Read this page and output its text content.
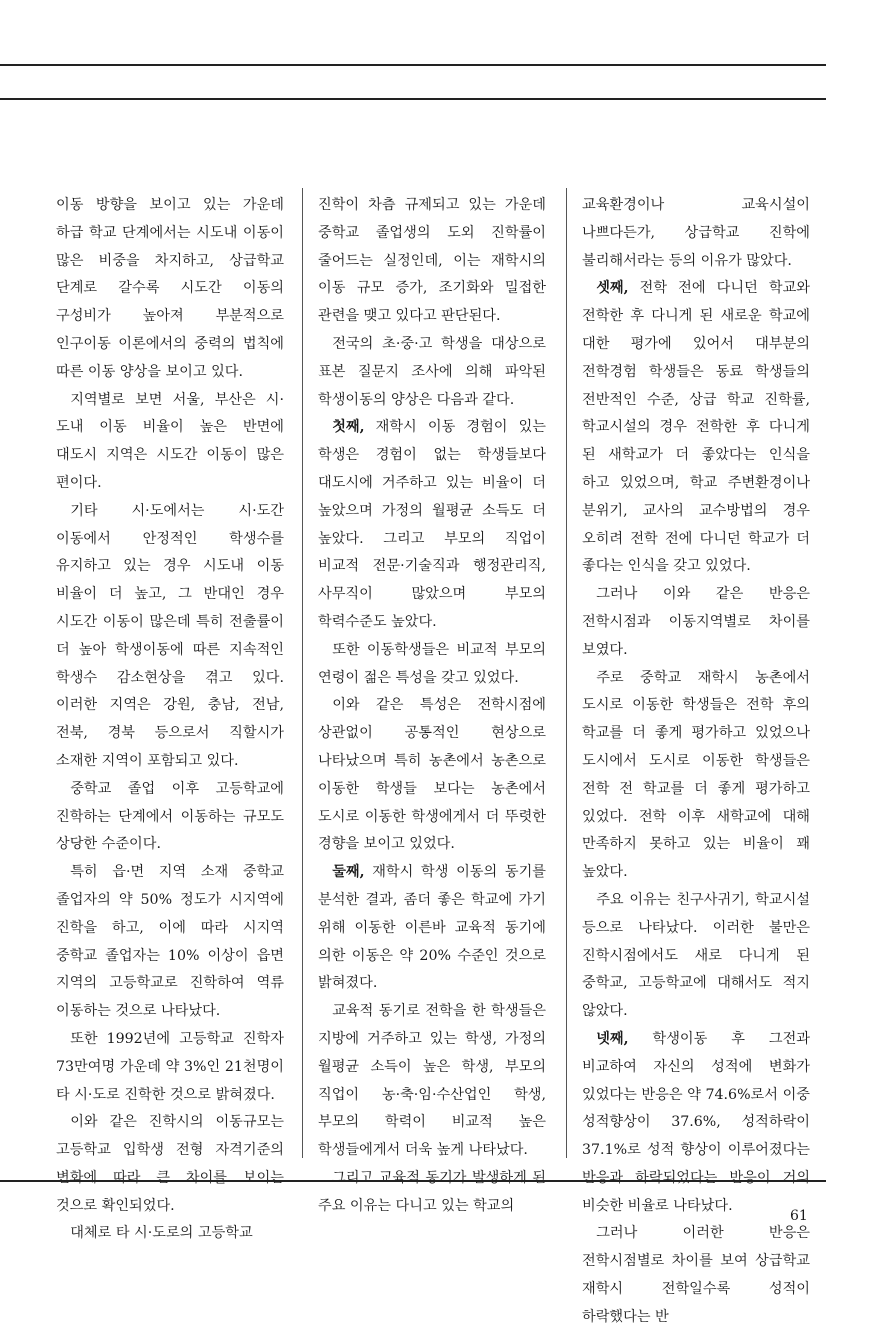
이동 방향을 보이고 있는 가운데 하급 학교 단계에서는 시도내 이동이 많은 비중을 차지하고, 상급학교 단계로 갈수록 시도간 이동의 구성비가 높아져 부분적으로 인구이동 이론에서의 중력의 법칙에 따른 이동 양상을 보이고 있다.

지역별로 보면 서울, 부산은 시·도내 이동 비율이 높은 반면에 대도시 지역은 시도간 이동이 많은 편이다.

기타 시·도에서는 시·도간 이동에서 안정적인 학생수를 유지하고 있는 경우 시도내 이동 비율이 더 높고, 그 반대인 경우 시도간 이동이 많은데 특히 전출률이 더 높아 학생이동에 따른 지속적인 학생수 감소현상을 겪고 있다. 이러한 지역은 강원, 충남, 전남, 전북, 경북 등으로서 직할시가 소재한 지역이 포함되고 있다.

중학교 졸업 이후 고등학교에 진학하는 단계에서 이동하는 규모도 상당한 수준이다.

특히 읍·면 지역 소재 중학교 졸업자의 약 50% 정도가 시지역에 진학을 하고, 이에 따라 시지역 중학교 졸업자는 10% 이상이 읍면 지역의 고등학교로 진학하여 역류 이동하는 것으로 나타났다.

또한 1992년에 고등학교 진학자 73만여명 가운데 약 3%인 21천명이 타 시·도로 진학한 것으로 밝혀졌다.

이와 같은 진학시의 이동규모는 고등학교 입학생 전형 자격기준의 변화에 따라 큰 차이를 보이는 것으로 확인되었다.

대체로 타 시·도로의 고등학교

진학이 차츰 규제되고 있는 가운데 중학교 졸업생의 도외 진학률이 줄어드는 실정인데, 이는 재학시의 이동 규모 증가, 조기화와 밀접한 관련을 맺고 있다고 판단된다.

전국의 초·중·고 학생을 대상으로 표본 질문지 조사에 의해 파악된 학생이동의 양상은 다음과 같다.

첫째, 재학시 이동 경험이 있는 학생은 경험이 없는 학생들보다 대도시에 거주하고 있는 비율이 더 높았으며 가정의 월평균 소득도 더 높았다. 그리고 부모의 직업이 비교적 전문·기술직과 행정관리직, 사무직이 많았으며 부모의 학력수준도 높았다.

또한 이동학생들은 비교적 부모의 연령이 젊은 특성을 갖고 있었다.

이와 같은 특성은 전학시점에 상관없이 공통적인 현상으로 나타났으며 특히 농촌에서 농촌으로 이동한 학생들 보다는 농촌에서 도시로 이동한 학생에게서 더 뚜렷한 경향을 보이고 있었다.

둘째, 재학시 학생 이동의 동기를 분석한 결과, 좀더 좋은 학교에 가기 위해 이동한 이른바 교육적 동기에 의한 이동은 약 20% 수준인 것으로 밝혀졌다.

교육적 동기로 전학을 한 학생들은 지방에 거주하고 있는 학생, 가정의 월평균 소득이 높은 학생, 부모의 직업이 농·축·임·수산업인 학생, 부모의 학력이 비교적 높은 학생들에게서 더욱 높게 나타났다.

그리고 교육적 동기가 발생하게 된 주요 이유는 다니고 있는 학교의

교육환경이나 교육시설이 나쁘다든가, 상급학교 진학에 불리해서라는 등의 이유가 많았다.

셋째, 전학 전에 다니던 학교와 전학한 후 다니게 된 새로운 학교에 대한 평가에 있어서 대부분의 전학경험 학생들은 동료 학생들의 전반적인 수준, 상급 학교 진학률, 학교시설의 경우 전학한 후 다니게 된 새학교가 더 좋았다는 인식을 하고 있었으며, 학교 주변환경이나 분위기, 교사의 교수방법의 경우 오히려 전학 전에 다니던 학교가 더 좋다는 인식을 갖고 있었다.

그러나 이와 같은 반응은 전학시점과 이동지역별로 차이를 보였다.

주로 중학교 재학시 농촌에서 도시로 이동한 학생들은 전학 후의 학교를 더 좋게 평가하고 있었으나 도시에서 도시로 이동한 학생들은 전학 전 학교를 더 좋게 평가하고 있었다. 전학 이후 새학교에 대해 만족하지 못하고 있는 비율이 꽤 높았다.

주요 이유는 친구사귀기, 학교시설 등으로 나타났다. 이러한 불만은 진학시점에서도 새로 다니게 된 중학교, 고등학교에 대해서도 적지 않았다.

넷째, 학생이동 후 그전과 비교하여 자신의 성적에 변화가 있었다는 반응은 약 74.6%로서 이중 성적향상이 37.6%, 성적하락이 37.1%로 성적 향상이 이루어졌다는 반응과 하락되었다는 반응이 거의 비슷한 비율로 나타났다.

그러나 이러한 반응은 전학시점별로 차이를 보여 상급학교 재학시 전학일수록 성적이 하락했다는 반

61
